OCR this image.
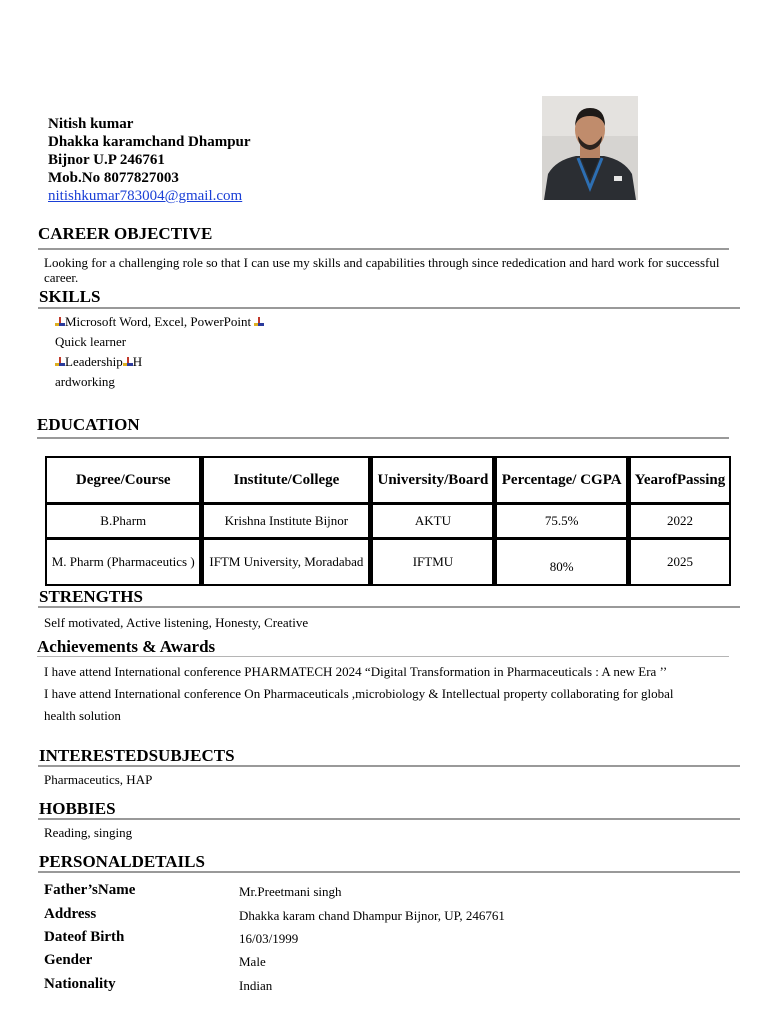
Nitish kumar
Dhakka karamchand Dhampur
Bijnor U.P 246761
Mob.No 8077827003
nitishkumar783004@gmail.com
CAREER OBJECTIVE
Looking for a challenging role so that I can use my skills and capabilities through since rededication and hard work for successful career.
SKILLS
Microsoft Word, Excel, PowerPoint
Quick learner
Leadership H
ardworking
EDUCATION
Degree/Course		Institute/College		University/Board		Percentage/ CGPA		YearofPassing

B.Pharm		Krishna Institute Bijnor		AKTU		75.5%		2022

M. Pharm (Pharmaceutics )		IFTM University, Moradabad		IFTMU		80%		2025
STRENGTHS
Self motivated, Active listening, Honesty, Creative
Achievements & Awards
I have attend International conference PHARMATECH 2024 “Digital Transformation in Pharmaceuticals : A new Era ’’
I have attend International conference On Pharmaceuticals ,microbiology & Intellectual property collaborating for global
health solution
INTERESTEDSUBJECTS
Pharmaceutics, HAP
HOBBIES
Reading, singing
PERSONALDETAILS
Father’sName	Mr.Preetmani singh
Address	Dhakka karam chand Dhampur Bijnor, UP, 246761
Dateof Birth	16/03/1999
Gender	Male
Nationality	Indian
